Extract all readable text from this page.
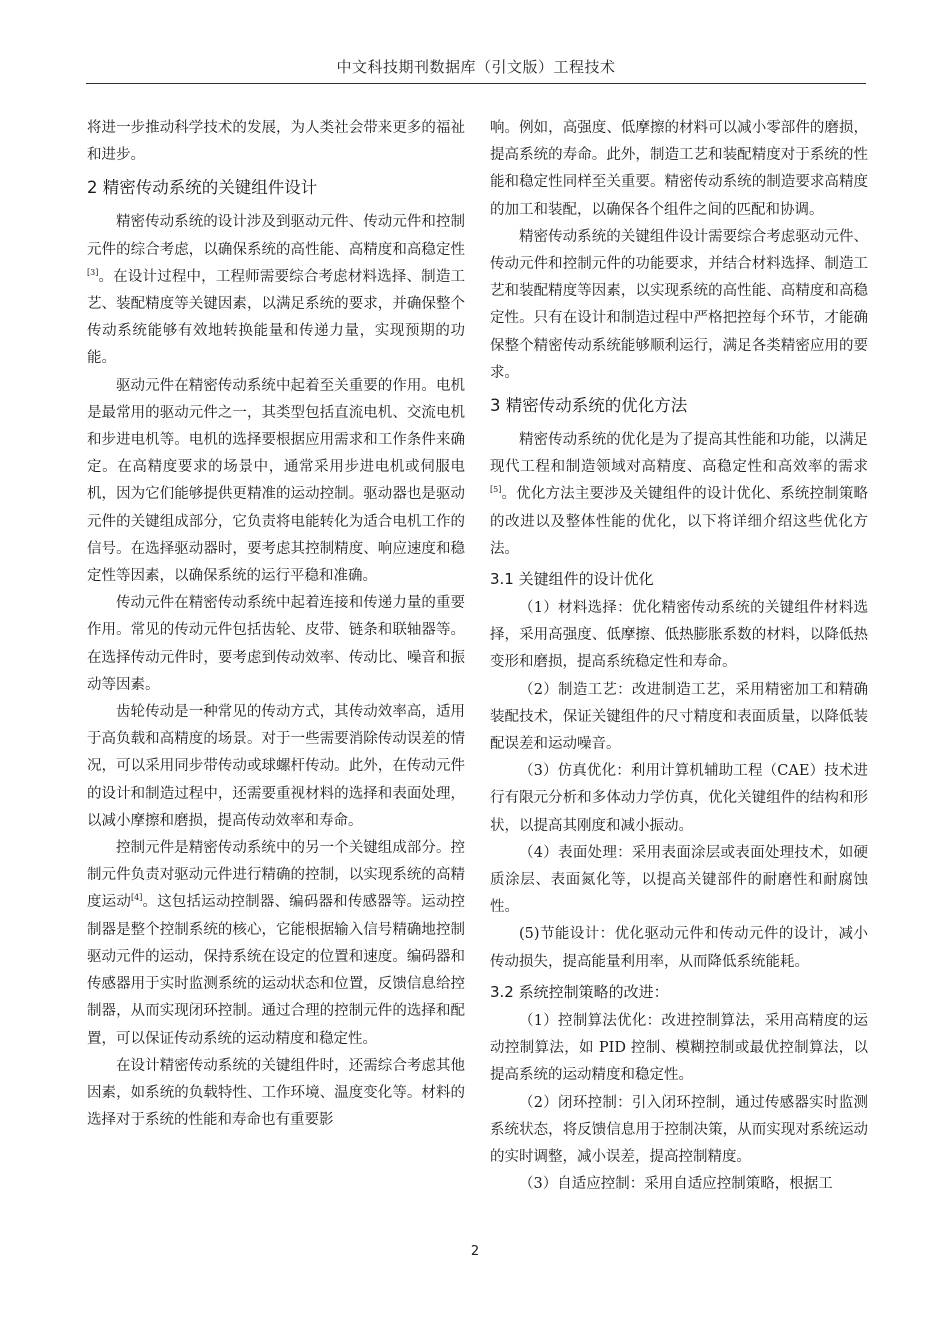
中文科技期刊数据库（引文版）工程技术

将进一步推动科学技术的发展，为人类社会带来更多的福祉和进步。

2 精密传动系统的关键组件设计

精密传动系统的设计涉及到驱动元件、传动元件和控制元件的综合考虑，以确保系统的高性能、高精度和高稳定性[3]。在设计过程中，工程师需要综合考虑材料选择、制造工艺、装配精度等关键因素，以满足系统的要求，并确保整个传动系统能够有效地转换能量和传递力量，实现预期的功能。

驱动元件在精密传动系统中起着至关重要的作用。电机是最常用的驱动元件之一，其类型包括直流电机、交流电机和步进电机等。电机的选择要根据应用需求和工作条件来确定。在高精度要求的场景中，通常采用步进电机或伺服电机，因为它们能够提供更精准的运动控制。驱动器也是驱动元件的关键组成部分，它负责将电能转化为适合电机工作的信号。在选择驱动器时，要考虑其控制精度、响应速度和稳定性等因素，以确保系统的运行平稳和准确。

传动元件在精密传动系统中起着连接和传递力量的重要作用。常见的传动元件包括齿轮、皮带、链条和联轴器等。在选择传动元件时，要考虑到传动效率、传动比、噪音和振动等因素。

齿轮传动是一种常见的传动方式，其传动效率高，适用于高负载和高精度的场景。对于一些需要消除传动误差的情况，可以采用同步带传动或球螺杆传动。此外，在传动元件的设计和制造过程中，还需要重视材料的选择和表面处理，以减小摩擦和磨损，提高传动效率和寿命。

控制元件是精密传动系统中的另一个关键组成部分。控制元件负责对驱动元件进行精确的控制，以实现系统的高精度运动[4]。这包括运动控制器、编码器和传感器等。运动控制器是整个控制系统的核心，它能根据输入信号精确地控制驱动元件的运动，保持系统在设定的位置和速度。编码器和传感器用于实时监测系统的运动状态和位置，反馈信息给控制器，从而实现闭环控制。通过合理的控制元件的选择和配置，可以保证传动系统的运动精度和稳定性。

在设计精密传动系统的关键组件时，还需综合考虑其他因素，如系统的负载特性、工作环境、温度变化等。材料的选择对于系统的性能和寿命也有重要影

响。例如，高强度、低摩擦的材料可以减小零部件的磨损，提高系统的寿命。此外，制造工艺和装配精度对于系统的性能和稳定性同样至关重要。精密传动系统的制造要求高精度的加工和装配，以确保各个组件之间的匹配和协调。

精密传动系统的关键组件设计需要综合考虑驱动元件、传动元件和控制元件的功能要求，并结合材料选择、制造工艺和装配精度等因素，以实现系统的高性能、高精度和高稳定性。只有在设计和制造过程中严格把控每个环节，才能确保整个精密传动系统能够顺利运行，满足各类精密应用的要求。

3 精密传动系统的优化方法

精密传动系统的优化是为了提高其性能和功能，以满足现代工程和制造领域对高精度、高稳定性和高效率的需求[5]。优化方法主要涉及关键组件的设计优化、系统控制策略的改进以及整体性能的优化，以下将详细介绍这些优化方法。

3.1 关键组件的设计优化

（1）材料选择：优化精密传动系统的关键组件材料选择，采用高强度、低摩擦、低热膨胀系数的材料，以降低热变形和磨损，提高系统稳定性和寿命。

（2）制造工艺：改进制造工艺，采用精密加工和精确装配技术，保证关键组件的尺寸精度和表面质量，以降低装配误差和运动噪音。

（3）仿真优化：利用计算机辅助工程（CAE）技术进行有限元分析和多体动力学仿真，优化关键组件的结构和形状，以提高其刚度和减小振动。

（4）表面处理：采用表面涂层或表面处理技术，如硬质涂层、表面氮化等，以提高关键部件的耐磨性和耐腐蚀性。

(5)节能设计：优化驱动元件和传动元件的设计，减小传动损失，提高能量利用率，从而降低系统能耗。

3.2 系统控制策略的改进：

（1）控制算法优化：改进控制算法，采用高精度的运动控制算法，如 PID 控制、模糊控制或最优控制算法，以提高系统的运动精度和稳定性。

（2）闭环控制：引入闭环控制，通过传感器实时监测系统状态，将反馈信息用于控制决策，从而实现对系统运动的实时调整，减小误差，提高控制精度。

（3）自适应控制：采用自适应控制策略，根据工

2
